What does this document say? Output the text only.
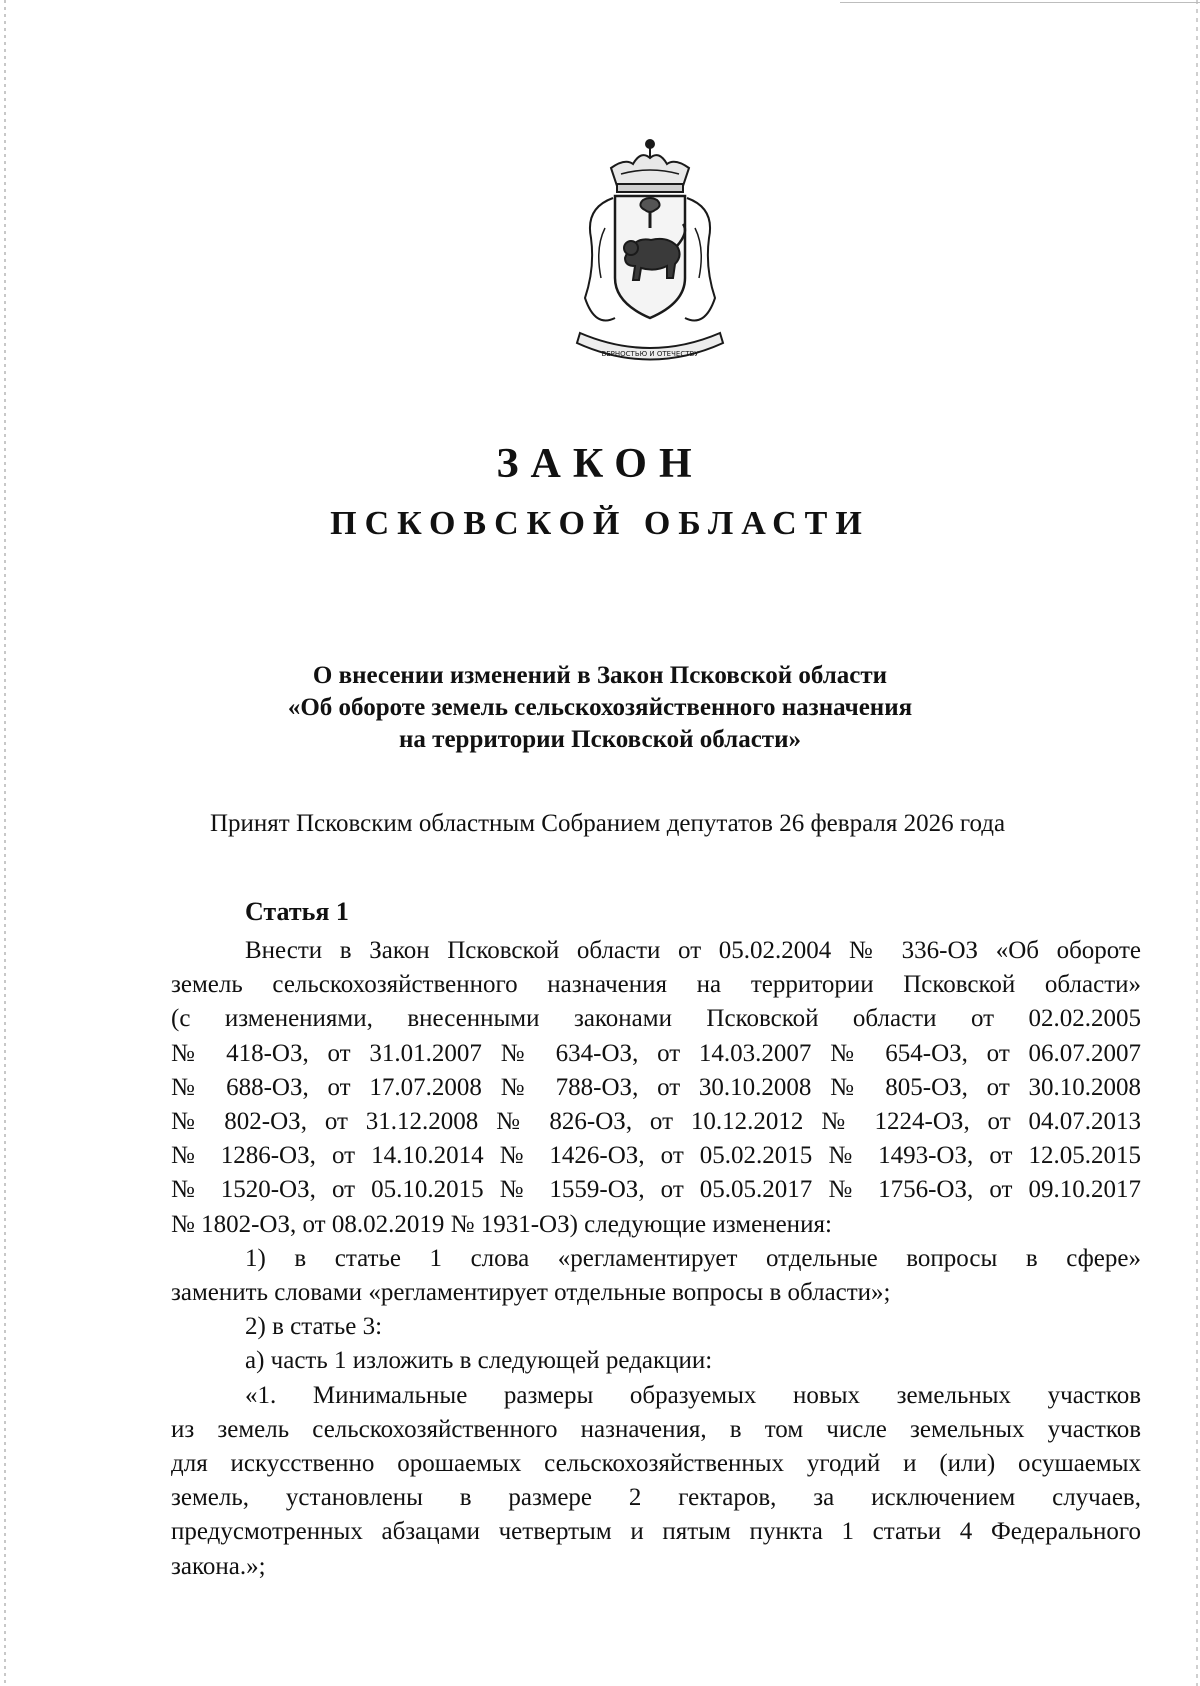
ВЕРНОСТЬЮ И ОТЕЧЕСТВУ
ЗАКОН
ПСКОВСКОЙ ОБЛАСТИ
О внесении изменений в Закон Псковской области
«Об обороте земель сельскохозяйственного назначения
на территории Псковской области»
Принят Псковским областным Собранием депутатов 26 февраля 2026 года
Статья 1

Внести в Закон Псковской области от 05.02.2004 № 336-ОЗ «Об обороте
земель сельскохозяйственного назначения на территории Псковской области»
(с изменениями, внесенными законами Псковской области от 02.02.2005
№ 418-ОЗ, от 31.01.2007 № 634-ОЗ, от 14.03.2007 № 654-ОЗ, от 06.07.2007
№ 688-ОЗ, от 17.07.2008 № 788-ОЗ, от 30.10.2008 № 805-ОЗ, от 30.10.2008
№ 802-ОЗ, от 31.12.2008 № 826-ОЗ, от 10.12.2012 № 1224-ОЗ, от 04.07.2013
№ 1286-ОЗ, от 14.10.2014 № 1426-ОЗ, от 05.02.2015 № 1493-ОЗ, от 12.05.2015
№ 1520-ОЗ, от 05.10.2015 № 1559-ОЗ, от 05.05.2017 № 1756-ОЗ, от 09.10.2017
№ 1802-ОЗ, от 08.02.2019 № 1931-ОЗ) следующие изменения:

1) в статье 1 слова «регламентирует отдельные вопросы в сфере»
заменить словами «регламентирует отдельные вопросы в области»;

2) в статье 3:

а) часть 1 изложить в следующей редакции:

«1. Минимальные размеры образуемых новых земельных участков
из земель сельскохозяйственного назначения, в том числе земельных участков
для искусственно орошаемых сельскохозяйственных угодий и (или) осушаемых
земель, установлены в размере 2 гектаров, за исключением случаев,
предусмотренных абзацами четвертым и пятым пункта 1 статьи 4 Федерального
закона.»;
